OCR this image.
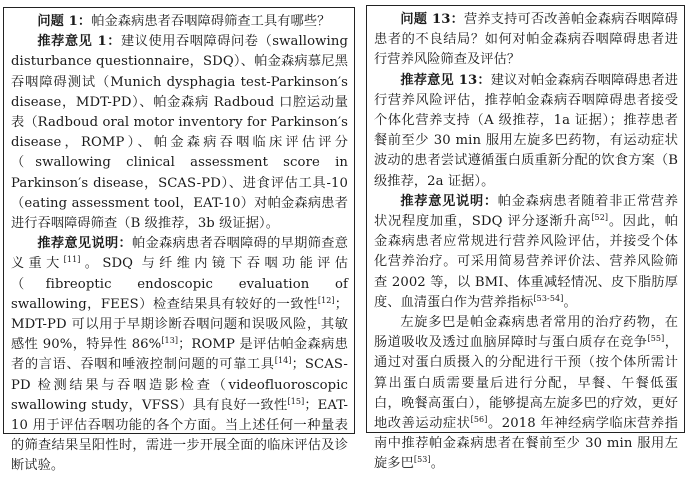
问题 1：帕金森病患者吞咽障碍筛查工具有哪些？

推荐意见 1：建议使用吞咽障碍问卷（swallowing disturbance questionnaire，SDQ）、帕金森病慕尼黑吞咽障碍测试（Munich dysphagia test-Parkinson′s disease，MDT-PD）、帕金森病 Radboud 口腔运动量表（Radboud oral motor inventory for Parkinson′s disease，ROMP）、帕金森病吞咽临床评估评分（swallowing clinical assessment score in Parkinson′s disease，SCAS-PD）、进食评估工具-10（eating assessment tool，EAT-10）对帕金森病患者进行吞咽障碍筛查（B 级推荐，3b 级证据）。

推荐意见说明：帕金森病患者吞咽障碍的早期筛查意义重大[11]。SDQ 与纤维内镜下吞咽功能评估（fibreoptic endoscopic evaluation of swallowing，FEES）检查结果具有较好的一致性[12]；MDT-PD 可以用于早期诊断吞咽问题和误吸风险，其敏感性 90%，特异性 86%[13]；ROMP 是评估帕金森病患者的言语、吞咽和唾液控制问题的可靠工具[14]；SCAS-PD 检测结果与吞咽造影检查（videofluoroscopic swallowing study，VFSS）具有良好一致性[15]；EAT-10 用于评估吞咽功能的各个方面。当上述任何一种量表的筛查结果呈阳性时，需进一步开展全面的临床评估及诊断试验。

问题 13：营养支持可否改善帕金森病吞咽障碍患者的不良结局？如何对帕金森病吞咽障碍患者进行营养风险筛查及评估？

推荐意见 13：建议对帕金森病吞咽障碍患者进行营养风险评估，推荐帕金森病吞咽障碍患者接受个体化营养支持（A 级推荐，1a 证据）；推荐患者餐前至少 30 min 服用左旋多巴药物，有运动症状波动的患者尝试遵循蛋白质重新分配的饮食方案（B 级推荐，2a 证据）。

推荐意见说明：帕金森病患者随着非正常营养状况程度加重，SDQ 评分逐渐升高[52]。因此，帕金森病患者应常规进行营养风险评估，并接受个体化营养治疗。可采用简易营养评价法、营养风险筛查 2002 等，以 BMI、体重减轻情况、皮下脂肪厚度、血清蛋白作为营养指标[53-54]。

左旋多巴是帕金森病患者常用的治疗药物，在肠道吸收及透过血脑屏障时与蛋白质存在竞争[55]，通过对蛋白质摄入的分配进行干预（按个体所需计算出蛋白质需要量后进行分配，早餐、午餐低蛋白，晚餐高蛋白），能够提高左旋多巴的疗效，更好地改善运动症状[56]。2018 年神经病学临床营养指南中推荐帕金森病患者在餐前至少 30 min 服用左旋多巴[53]。
